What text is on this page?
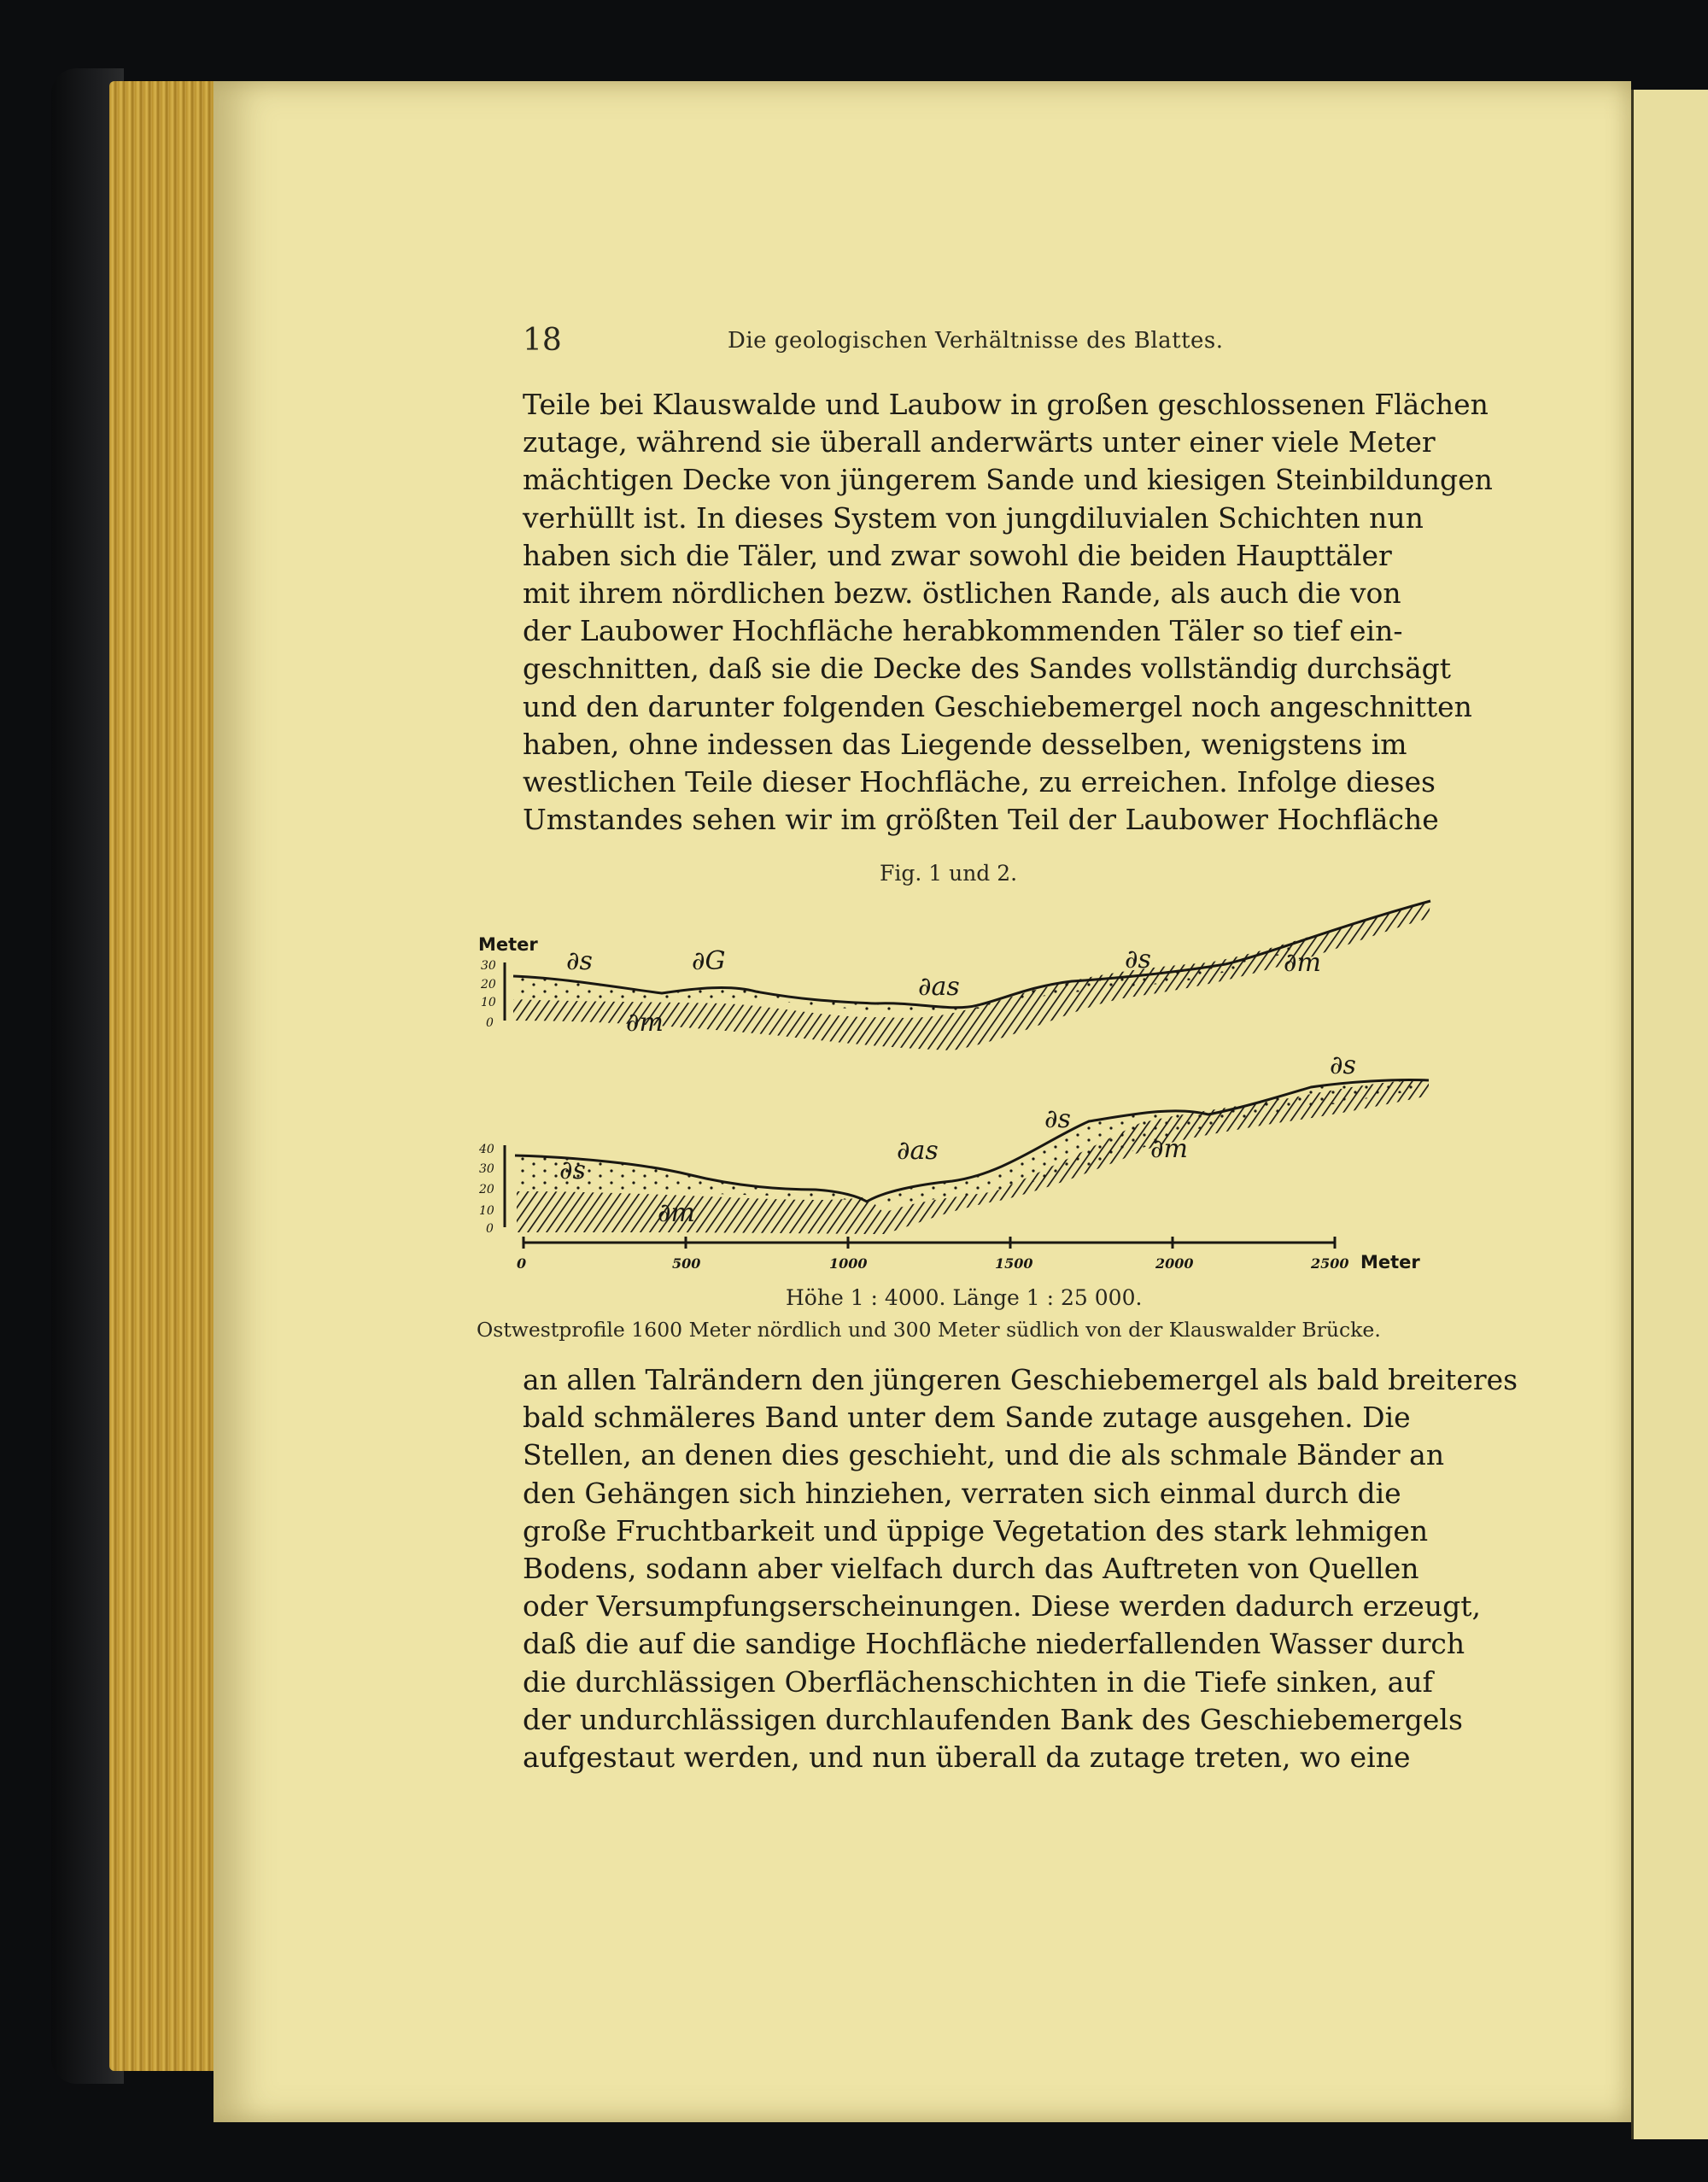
18	Die geologischen Verhältnisse des Blattes.
Teile bei Klauswalde und Laubow in großen geschlossenen Flächen
zutage, während sie überall anderwärts unter einer viele Meter
mächtigen Decke von jüngerem Sande und kiesigen Steinbildungen
verhüllt ist. In dieses System von jungdiluvialen Schichten nun
haben sich die Täler, und zwar sowohl die beiden Haupttäler
mit ihrem nördlichen bezw. östlichen Rande, als auch die von
der Laubower Hochfläche herabkommenden Täler so tief ein-
geschnitten, daß sie die Decke des Sandes vollständig durchsägt
und den darunter folgenden Geschiebemergel noch angeschnitten
haben, ohne indessen das Liegende desselben, wenigstens im
westlichen Teile dieser Hochfläche, zu erreichen. Infolge dieses
Umstandes sehen wir im größten Teil der Laubower Hochfläche
Fig. 1 und 2.
Meter
30
20
10
0
∂s	∂G
∂as
∂s	∂m
∂m
40
30
20
10
0
∂s
∂as
∂s
∂s
∂m
∂m
0	500	1000	1500	2000	2500 Meter
Höhe 1 : 4000. Länge 1 : 25 000.
Ostwestprofile 1600 Meter nördlich und 300 Meter südlich von der Klauswalder Brücke.
an allen Talrändern den jüngeren Geschiebemergel als bald breiteres
bald schmäleres Band unter dem Sande zutage ausgehen. Die
Stellen, an denen dies geschieht, und die als schmale Bänder an
den Gehängen sich hinziehen, verraten sich einmal durch die
große Fruchtbarkeit und üppige Vegetation des stark lehmigen
Bodens, sodann aber vielfach durch das Auftreten von Quellen
oder Versumpfungserscheinungen. Diese werden dadurch erzeugt,
daß die auf die sandige Hochfläche niederfallenden Wasser durch
die durchlässigen Oberflächenschichten in die Tiefe sinken, auf
der undurchlässigen durchlaufenden Bank des Geschiebemergels
aufgestaut werden, und nun überall da zutage treten, wo eine
